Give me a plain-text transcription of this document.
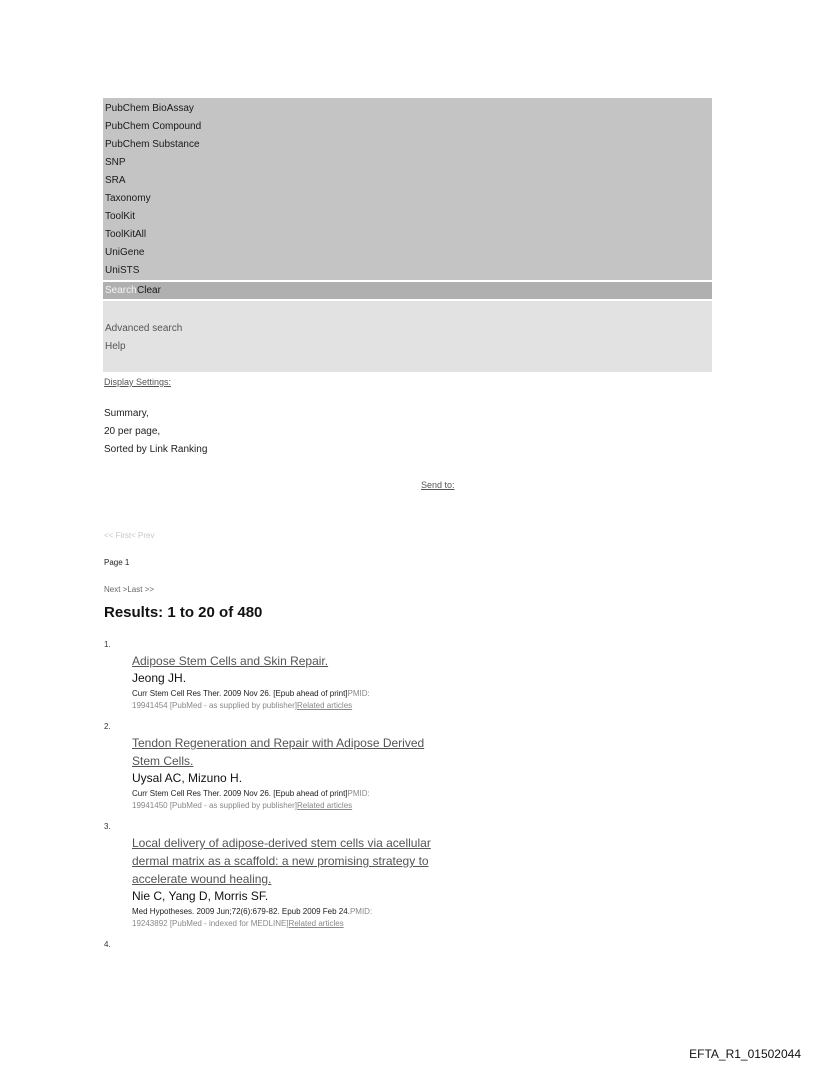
PubChem BioAssay
PubChem Compound
PubChem Substance
SNP
SRA
Taxonomy
ToolKit
ToolKitAll
UniGene
UniSTS
Search Clear
Advanced search
Help
Display Settings:
Summary,
20 per page,
Sorted by Link Ranking
Send to:
<< First< Prev
Page 1
Next >Last >>
Results: 1 to 20 of 480
1.
Adipose Stem Cells and Skin Repair.
Jeong JH.
Curr Stem Cell Res Ther. 2009 Nov 26. [Epub ahead of print]PMID:
19941454 [PubMed - as supplied by publisher]Related articles
2.
Tendon Regeneration and Repair with Adipose Derived Stem Cells.
Uysal AC, Mizuno H.
Curr Stem Cell Res Ther. 2009 Nov 26. [Epub ahead of print]PMID:
19941450 [PubMed - as supplied by publisher]Related articles
3.
Local delivery of adipose-derived stem cells via acellular dermal matrix as a scaffold: a new promising strategy to accelerate wound healing.
Nie C, Yang D, Morris SF.
Med Hypotheses. 2009 Jun;72(6):679-82. Epub 2009 Feb 24.PMID:
19243892 [PubMed - indexed for MEDLINE]Related articles
4.
EFTA_R1_01502044
